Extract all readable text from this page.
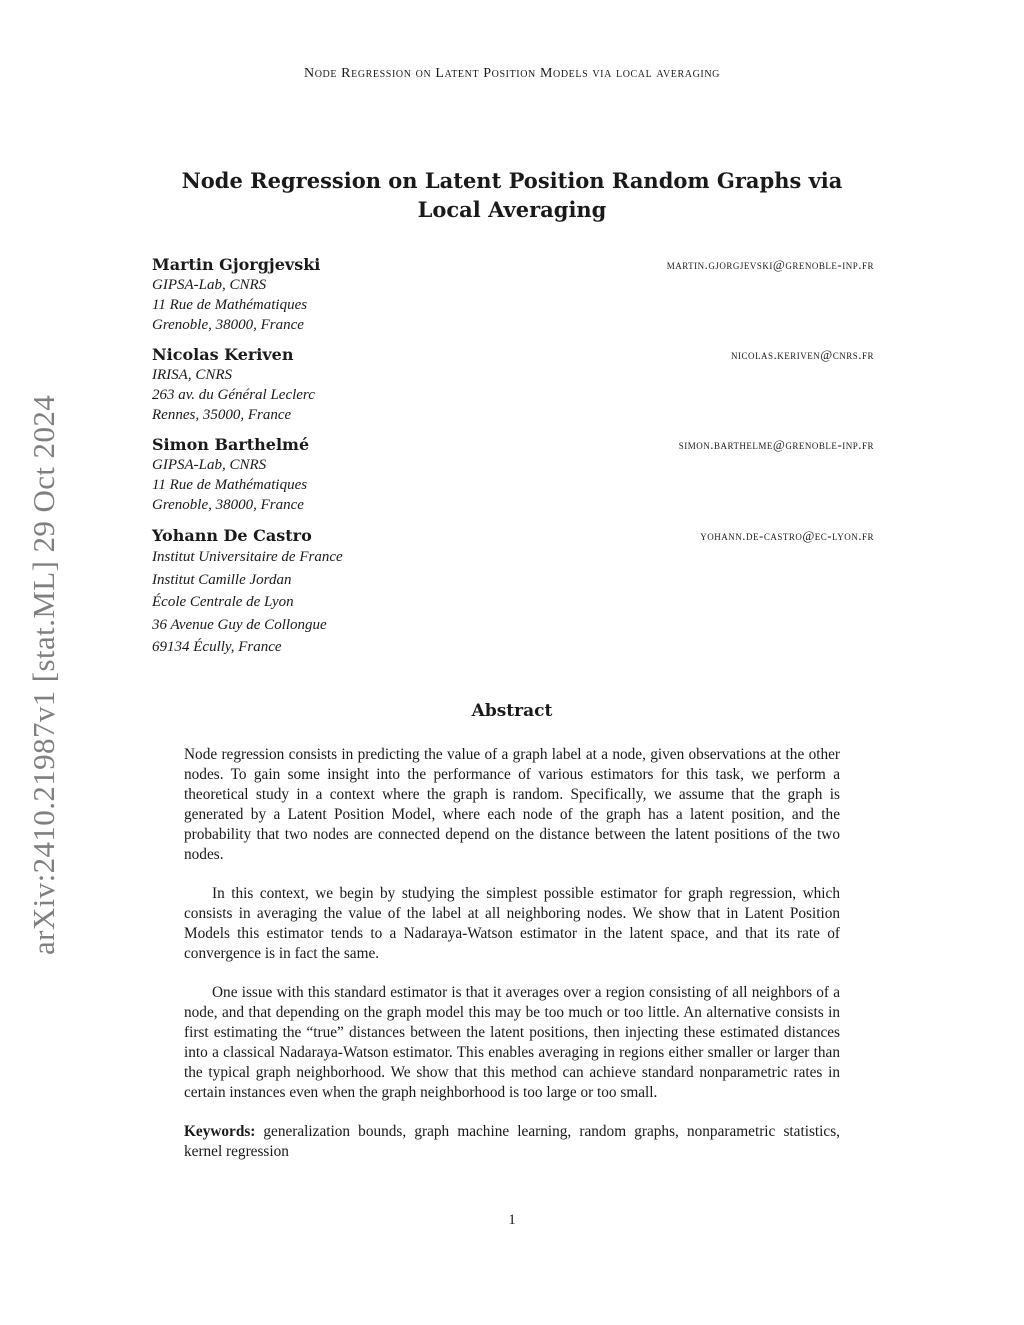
Node Regression on Latent Position Models via local averaging
arXiv:2410.21987v1 [stat.ML] 29 Oct 2024
Node Regression on Latent Position Random Graphs via
Local Averaging
Martin Gjorgjevski	martin.gjorgjevski@grenoble-inp.fr
GIPSA-Lab, CNRS
11 Rue de Mathématiques
Grenoble, 38000, France
Nicolas Keriven	nicolas.keriven@cnrs.fr
IRISA, CNRS
263 av. du Général Leclerc
Rennes, 35000, France
Simon Barthelmé	simon.barthelme@grenoble-inp.fr
GIPSA-Lab, CNRS
11 Rue de Mathématiques
Grenoble, 38000, France
Yohann De Castro	yohann.de-castro@ec-lyon.fr
Institut Universitaire de France
Institut Camille Jordan
École Centrale de Lyon
36 Avenue Guy de Collongue
69134 Écully, France
Abstract

Node regression consists in predicting the value of a graph label at a node, given observations at the other nodes. To gain some insight into the performance of various estimators for this task, we perform a theoretical study in a context where the graph is random. Specifically, we assume that the graph is generated by a Latent Position Model, where each node of the graph has a latent position, and the probability that two nodes are connected depend on the distance between the latent positions of the two nodes.

In this context, we begin by studying the simplest possible estimator for graph regression, which consists in averaging the value of the label at all neighboring nodes. We show that in Latent Position Models this estimator tends to a Nadaraya-Watson estimator in the latent space, and that its rate of convergence is in fact the same.

One issue with this standard estimator is that it averages over a region consisting of all neighbors of a node, and that depending on the graph model this may be too much or too little. An alternative consists in first estimating the “true” distances between the latent positions, then injecting these estimated distances into a classical Nadaraya-Watson estimator. This enables averaging in regions either smaller or larger than the typical graph neighborhood. We show that this method can achieve standard nonparametric rates in certain instances even when the graph neighborhood is too large or too small.

Keywords: generalization bounds, graph machine learning, random graphs, nonparametric statistics, kernel regression

1
